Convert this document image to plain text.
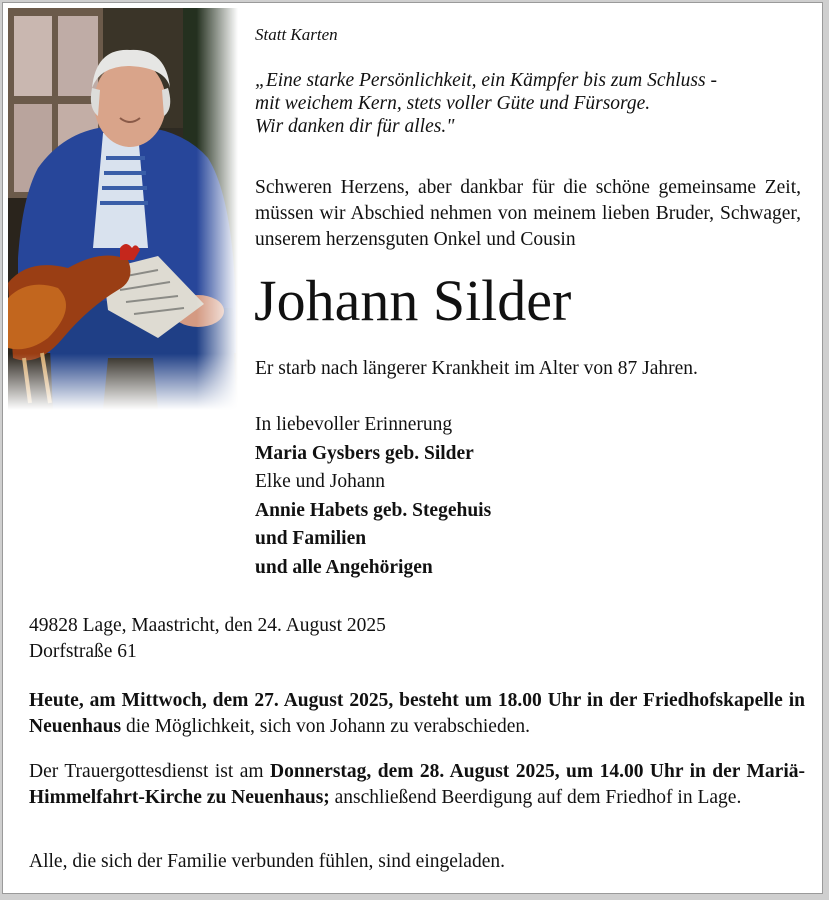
Statt Karten
„Eine starke Persönlichkeit, ein Kämpfer bis zum Schluss -
mit weichem Kern, stets voller Güte und Fürsorge.
Wir danken dir für alles."
Schweren Herzens, aber dankbar für die schöne gemeinsame Zeit, müssen wir Abschied nehmen von meinem lieben Bruder, Schwager, unserem herzensguten Onkel und Cousin
Johann Silder
Er starb nach längerer Krankheit im Alter von 87 Jahren.
In liebevoller Erinnerung
Maria Gysbers geb. Silder
Elke und Johann
Annie Habets geb. Stegehuis
und Familien
und alle Angehörigen
49828 Lage, Maastricht, den 24. August 2025
Dorfstraße 61
Heute, am Mittwoch, dem 27. August 2025, besteht um 18.00 Uhr in der Friedhofskapelle in Neuenhaus die Möglichkeit, sich von Johann zu verabschieden.
Der Trauergottesdienst ist am Donnerstag, dem 28. August 2025, um 14.00 Uhr in der Mariä-Himmelfahrt-Kirche zu Neuenhaus; anschließend Beerdigung auf dem Friedhof in Lage.
Alle, die sich der Familie verbunden fühlen, sind eingeladen.
